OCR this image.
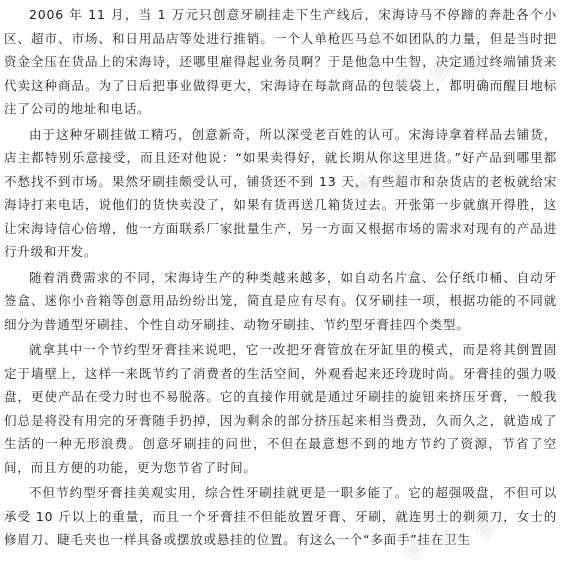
2006 年 11 月，当 1 万元只创意牙刷挂走下生产线后，宋海诗马不停蹄的奔赴各个小区、超市、市场、和日用品店等处进行推销。一个人单枪匹马总不如团队的力量，但是当时把资金全压在货品上的宋海诗，还哪里雇得起业务员啊？于是他急中生智，决定通过终端铺货来代卖这种商品。为了日后把事业做得更大，宋海诗在每款商品的包装袋上，都明确而醒目地标注了公司的地址和电话。

由于这种牙刷挂做工精巧，创意新奇，所以深受老百姓的认可。宋海诗拿着样品去铺货，店主都特别乐意接受，而且还对他说：“如果卖得好，就长期从你这里进货。”好产品到哪里都不愁找不到市场。果然牙刷挂颇受认可，铺货还不到 13 天，有些超市和杂货店的老板就给宋海诗打来电话，说他们的货快卖没了，如果有货再送几箱货过去。开张第一步就旗开得胜，这让宋海诗信心倍增，他一方面联系厂家批量生产，另一方面又根据市场的需求对现有的产品进行升级和开发。

随着消费需求的不同，宋海诗生产的种类越来越多，如自动名片盒、公仔纸巾桶、自动牙签盒、迷你小音箱等创意用品纷纷出笼，简直是应有尽有。仅牙刷挂一项，根据功能的不同就细分为普通型牙刷挂、个性自动牙刷挂、动物牙刷挂、节约型牙膏挂四个类型。

就拿其中一个节约型牙膏挂来说吧，它一改把牙膏管放在牙缸里的模式，而是将其倒置固定于墙壁上，这样一来既节约了消费者的生活空间，外观看起来还玲珑时尚。牙膏挂的强力吸盘，更使产品在受力时也不易脱落。它的直接作用就是通过牙刷挂的旋钮来挤压牙膏，一般我们总是将没有用完的牙膏随手扔掉，因为剩余的部分挤压起来相当费劲，久而久之，就造成了生活的一种无形浪费。创意牙刷挂的问世，不但在最意想不到的地方节约了资源，节省了空间，而且方便的功能，更为您节省了时间。

不但节约型牙膏挂美观实用，综合性牙刷挂就更是一职多能了。它的超强吸盘，不但可以承受 10 斤以上的重量，而且一个牙膏挂不但能放置牙膏、牙刷，就连男士的剃须刀，女士的修眉刀、睫毛夹也一样具备或摆放或悬挂的位置。有这么一个“多面手”挂在卫生

◈ ◈ ◈
◈ ◈ ◈
◈ ◈ ◈
